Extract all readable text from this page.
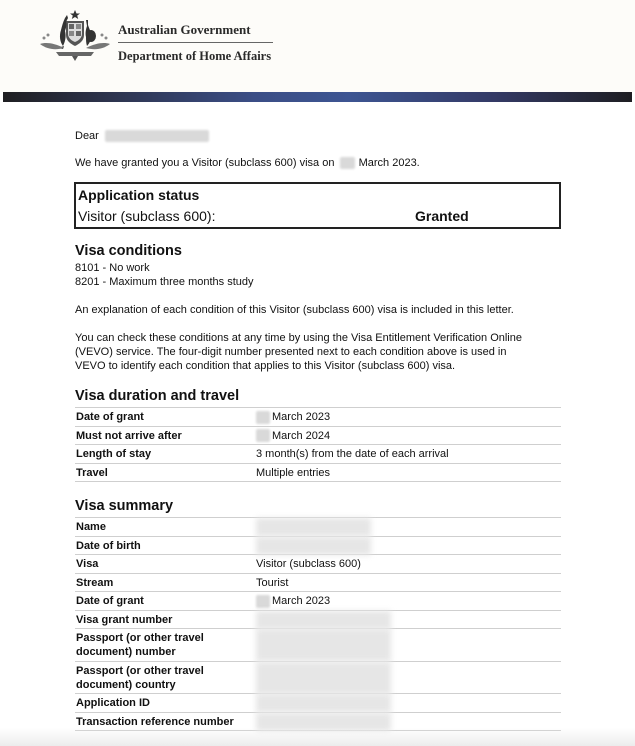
Australian Government
Department of Home Affairs
Dear
We have granted you a Visitor (subclass 600) visa on March 2023.
Application status
Visitor (subclass 600):	Granted
Visa conditions
8101 - No work
8201 - Maximum three months study
An explanation of each condition of this Visitor (subclass 600) visa is included in this letter.
You can check these conditions at any time by using the Visa Entitlement Verification Online
(VEVO) service. The four-digit number presented next to each condition above is used in
VEVO to identify each condition that applies to this Visitor (subclass 600) visa.
Visa duration and travel
Date of grant	March 2023
Must not arrive after	March 2024
Length of stay	3 month(s) from the date of each arrival
Travel	Multiple entries
Visa summary
Name
Date of birth
Visa	Visitor (subclass 600)
Stream	Tourist
Date of grant	March 2023
Visa grant number
Passport (or other travel document) number
Passport (or other travel document) country
Application ID
Transaction reference number
